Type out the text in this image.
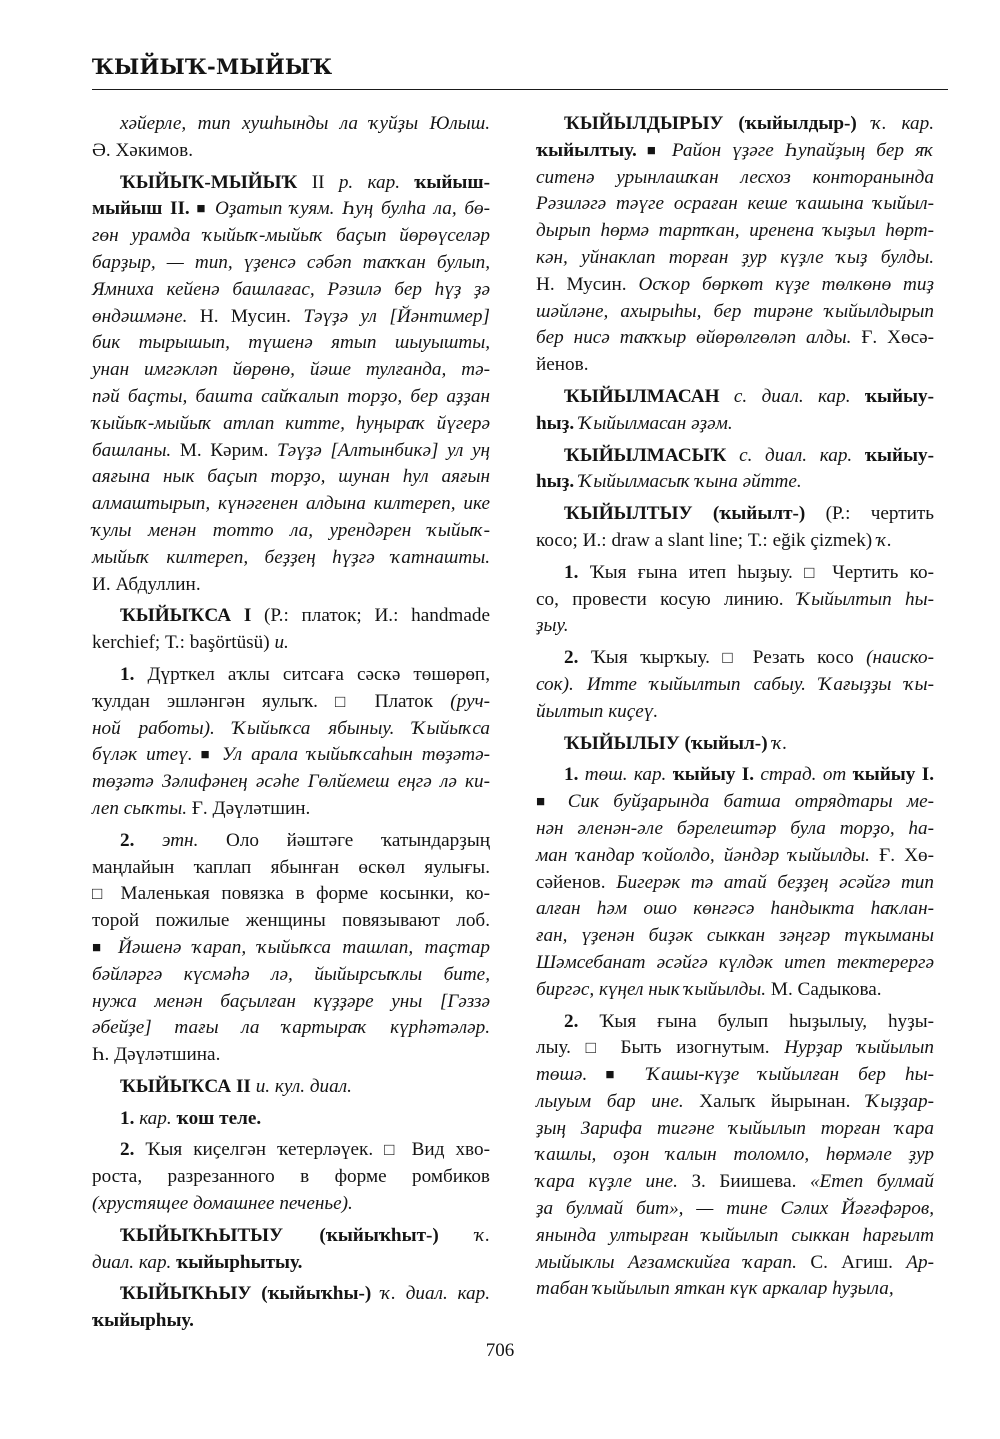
ҠЫЙЫҠ-МЫЙЫҠ
хәйерле, тип хушһынды ла ҡуйҙы Юлыш.
Ә. Хәкимов.
ҠЫЙЫҠ-МЫЙЫҠ II р. кар. ҡыйыш-
мыйыш II. ■ Оҙатып ҡуям. Һуң булһа ла, бө-
гөн урамда ҡыйыҡ-мыйыҡ баҫып йөрөүселәр
барҙыр, — тип, үҙенсә сәбәп таҡҡан булып,
Ямниха кейенә башлағас, Рәзилә бер һүҙ ҙә
өндәшмәне. Н. Мусин. Тәүҙә ул [Йәнтимер]
бик тырышып, түшенә ятып шыуышты,
унан имгәкләп йөрөнө, йәше тулғанда, тә-
пәй баҫты, башта сайҡалып торҙо, бер аҙҙан
ҡыйыҡ-мыйыҡ атлап китте, һуңыраҡ йүгерә
башланы. М. Кәрим. Тәүҙә [Алтынбикә] ул уң
аяғына нык баҫып торҙо, шунан һул аяғын
алмаштырып, күнәгенен алдына килтереп, ике
ҡулы менән тотто ла, урендәрен ҡыйыҡ-
мыйыҡ килтереп, беҙҙең һүҙгә ҡатнашты.
И. Абдуллин.
ҠЫЙЫҠСА I (Р.: платок; И.: handmade
kerchief; Т.: başörtüsü) и.
1. Дүрткел аҡлы ситсаға сәскә төшөрөп,
ҡулдан эшләнгән яулыҡ. □ Платок (руч-
ной работы). Ҡыйыҡса ябыныу. Ҡыйыҡса
бүләк итеү. ■ Ул арала ҡыйыҡсаһын төҙәтә-
төҙәтә Зәлифәнең әсәһе Гөлйемеш еңгә лә ки-
леп сыҡты. Ғ. Дәүләтшин.
2. этн. Оло йәштәге ҡатындарҙың
маңлайын ҡаплап ябынған өскөл яулығы.
□ Маленькая повязка в форме косынки, ко-
торой пожилые женщины повязывают лоб.
■ Йәшенә ҡарап, ҡыйыҡса ташлап, таҫтар
бәйләргә күсмәһә лә, йыйырсыҡлы бите,
нужа менән баҫылған күҙҙәре уны [Гәззә
әбейҙе] тағы ла ҡартыраҡ күрһәтәләр.
Һ. Дәүләтшина.
ҠЫЙЫҠСА II и. кул. диал.
1. кар. ҡош теле.
2. Ҡыя киҫелгән ҡетерләүек. □ Вид хво-
роста, разрезанного в форме ромбиков
(хрустящее домашнее печенье).
ҠЫЙЫҠҺЫТЫУ (ҡыйыҡһыт-) ҡ.
диал. кар. ҡыйырһытыу.
ҠЫЙЫҠҺЫУ (ҡыйыҡһы-) ҡ. диал. кар.
ҡыйырһыу.
ҠЫЙЫЛДЫРЫУ (ҡыйылдыр-) ҡ. кар.
ҡыйылтыу. ■ Район үҙәге Һупайҙың бер яҡ
ситенә урынлашҡан лесхоз конторанында
Рәзиләгә тәүге осраған кеше ҡашына ҡыйыл-
дырып һөрмә тартҡан, иренена ҡыҙыл һөрт-
кән, уйнаклап торған ҙур күҙле ҡыҙ булды.
Н. Мусин. Осҡор бөркөт күҙе төлкөнө тиҙ
шәйләне, ахырыһы, бер тирәне ҡыйылдырып
бер нисә таҡҡыр өйөрөлгөләп алды. Ғ. Хөсә-
йенов.
ҠЫЙЫЛМАСАН с. диал. кар. ҡыйыу-
һыҙ. Ҡыйылмасан әҙәм.
ҠЫЙЫЛМАСЫҠ с. диал. кар. ҡыйыу-
һыҙ. Ҡыйылмасыҡ ҡына әйтте.
ҠЫЙЫЛТЫУ (ҡыйылт-) (Р.: чертить
косо; И.: draw a slant line; Т.: eğik çizmek) ҡ.
1. Ҡыя ғына итеп һыҙыу. □ Чертить ко-
со, провести косую линию. Ҡыйылтып һы-
ҙыу.
2. Ҡыя ҡырҡыу. □ Резать косо (наиско-
сок). Итте ҡыйылтып сабыу. Ҡағыҙҙы ҡы-
йылтып киҫеү.
ҠЫЙЫЛЫУ (ҡыйыл-) ҡ.
1. төш. кар. ҡыйыу I. страд. от ҡыйыу I.
■ Сик буйҙарында батша отрядтары ме-
нән әленән-әле бәрелештәр була торҙо, һа-
ман ҡандар ҡойолдо, йәндәр ҡыйылды. Ғ. Хө-
сәйенов. Бигерәк тә атай беҙҙең әсәйгә тип
алған һәм ошо көнгәсә һандыкта һаҡлан-
ған, үҙенән биҙәк сыккан зәңгәр түкыманы
Шәмсебанат әсәйгә күлдәк итеп тектерергә
биргәс, күңел нык ҡыйылды. М. Садыкова.
2. Ҡыя ғына булып һыҙылыу, һуҙы-
лыу. □ Быть изогнутым. Нурҙар ҡыйылып
төшә. ■ Ҡашы-күҙе ҡыйылған бер һы-
лыуым бар ине. Халыҡ йырынан. Ҡыҙҙар-
ҙың Зарифа тигәне ҡыйылып торған ҡара
ҡашлы, оҙон ҡалын толомло, һөрмәле ҙур
ҡара күҙле ине. З. Биишева. «Етеп булмай
ҙа булмай бит», — тине Сәлих Йәғәфәров,
янында ултырған ҡыйылып сыккан һарғылт
мыйыклы Ағзамскийға ҡарап. С. Агиш. Ар-
табан ҡыйылып яткан күк аркалар һуҙыла,
706
